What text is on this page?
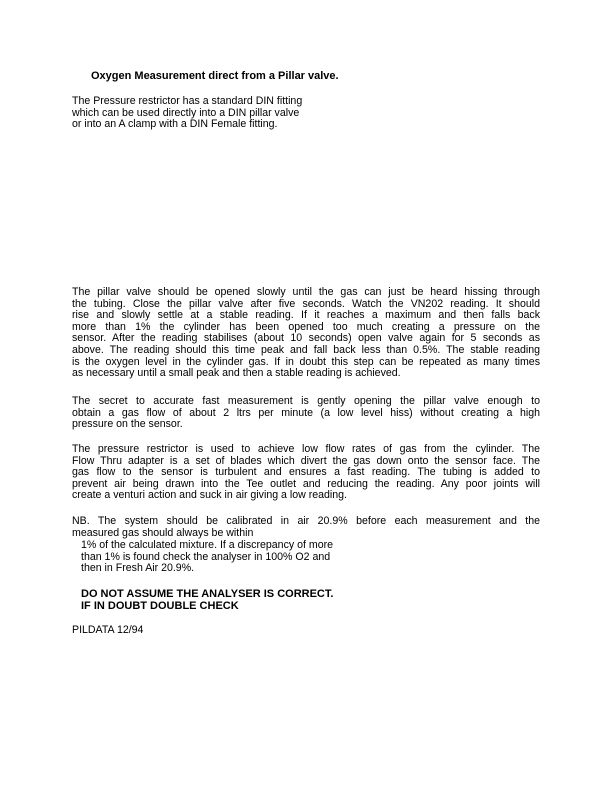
Oxygen Measurement direct from a Pillar valve.

The Pressure restrictor has a standard DIN fitting

which can be used directly into a DIN pillar valve

or into an A clamp with a DIN Female fitting.

The pillar valve should be opened slowly until the gas can just be heard hissing through
the tubing. Close the pillar valve after five seconds. Watch the VN202 reading. It should
rise and slowly settle at a stable reading. If it reaches a maximum and then falls back
more than 1% the cylinder has been opened too much creating a pressure on the
sensor. After the reading stabilises (about 10 seconds) open valve again for 5 seconds as
above. The reading should this time peak and fall back less than 0.5%. The stable reading
is the oxygen level in the cylinder gas. If in doubt this step can be repeated as many times
as necessary until a small peak and then a stable reading is achieved.
The secret to accurate fast measurement is gently opening the pillar valve enough to
obtain a gas flow of about 2 ltrs per minute (a low level hiss) without creating a high
pressure on the sensor.
The pressure restrictor is used to achieve low flow rates of gas from the cylinder. The
Flow Thru adapter is a set of blades which divert the gas down onto the sensor face. The
gas flow to the sensor is turbulent and ensures a fast reading. The tubing is added to
prevent air being drawn into the Tee outlet and reducing the reading. Any poor joints will
create a venturi action and suck in air giving a low reading.
NB. The system should be calibrated in air 20.9% before each measurement and the
measured gas should always be within

1% of the calculated mixture. If a discrepancy of more

than 1% is found check the analyser in 100% O2 and

then in Fresh Air 20.9%.

DO NOT ASSUME THE ANALYSER IS CORRECT.

IF IN DOUBT DOUBLE CHECK

PILDATA 12/94
